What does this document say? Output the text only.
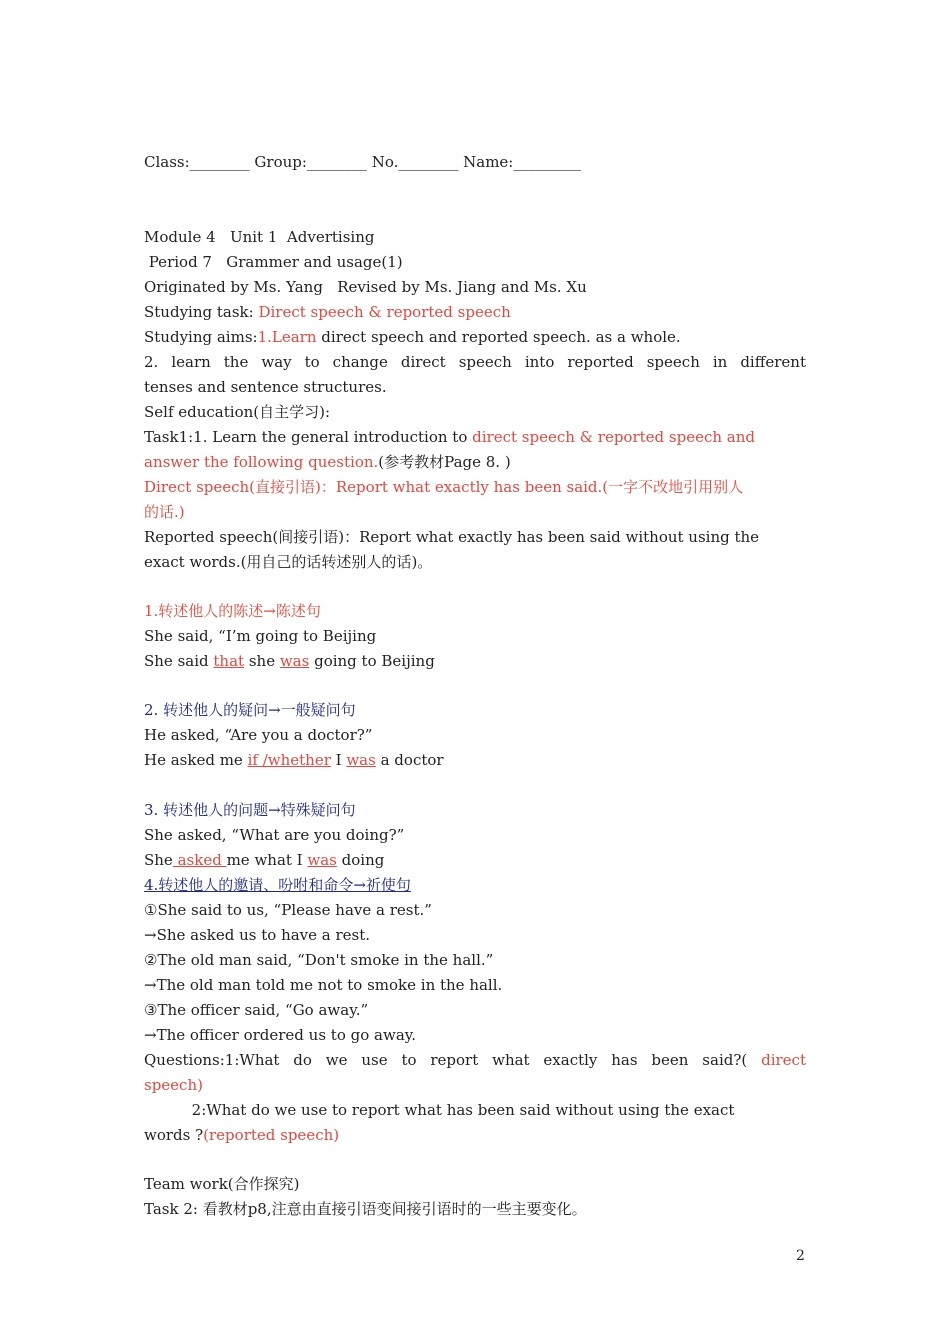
Class:________ Group:________ No.________ Name:_________
Module 4   Unit 1  Advertising
Period 7   Grammer and usage(1)
Originated by Ms. Yang   Revised by Ms. Jiang and Ms. Xu
Studying task: Direct speech & reported speech
Studying aims:1.Learn direct speech and reported speech. as a whole.
2. learn the way to change direct speech into reported speech in different
tenses and sentence structures.
Self education(自主学习):
Task1:1. Learn the general introduction to direct speech & reported speech and
answer the following question.(参考教材Page 8. )
Direct speech(直接引语)：Report what exactly has been said.(一字不改地引用别人
的话.)
Reported speech(间接引语)：Report what exactly has been said without using the
exact words.(用自己的话转述别人的话)。
1.转述他人的陈述→陈述句
She said, “I’m going to Beijing
She said that she was going to Beijing
2. 转述他人的疑问→一般疑问句
He asked, “Are you a doctor?”
He asked me if /whether I was a doctor
3. 转述他人的问题→特殊疑问句
She asked, “What are you doing?”
She asked me what I was doing
4.转述他人的邀请、吩咐和命令→祈使句
①She said to us, “Please have a rest.”
→She asked us to have a rest.
②The old man said, “Don't smoke in the hall.”
→The old man told me not to smoke in the hall.
③The officer said, “Go away.”
→The officer ordered us to go away.
Questions:1:What do we use to report what exactly has been said?( direct
speech)
2:What do we use to report what has been said without using the exact
words ?(reported speech)
Team work(合作探究)
Task 2: 看教材p8,注意由直接引语变间接引语时的一些主要变化。
2
